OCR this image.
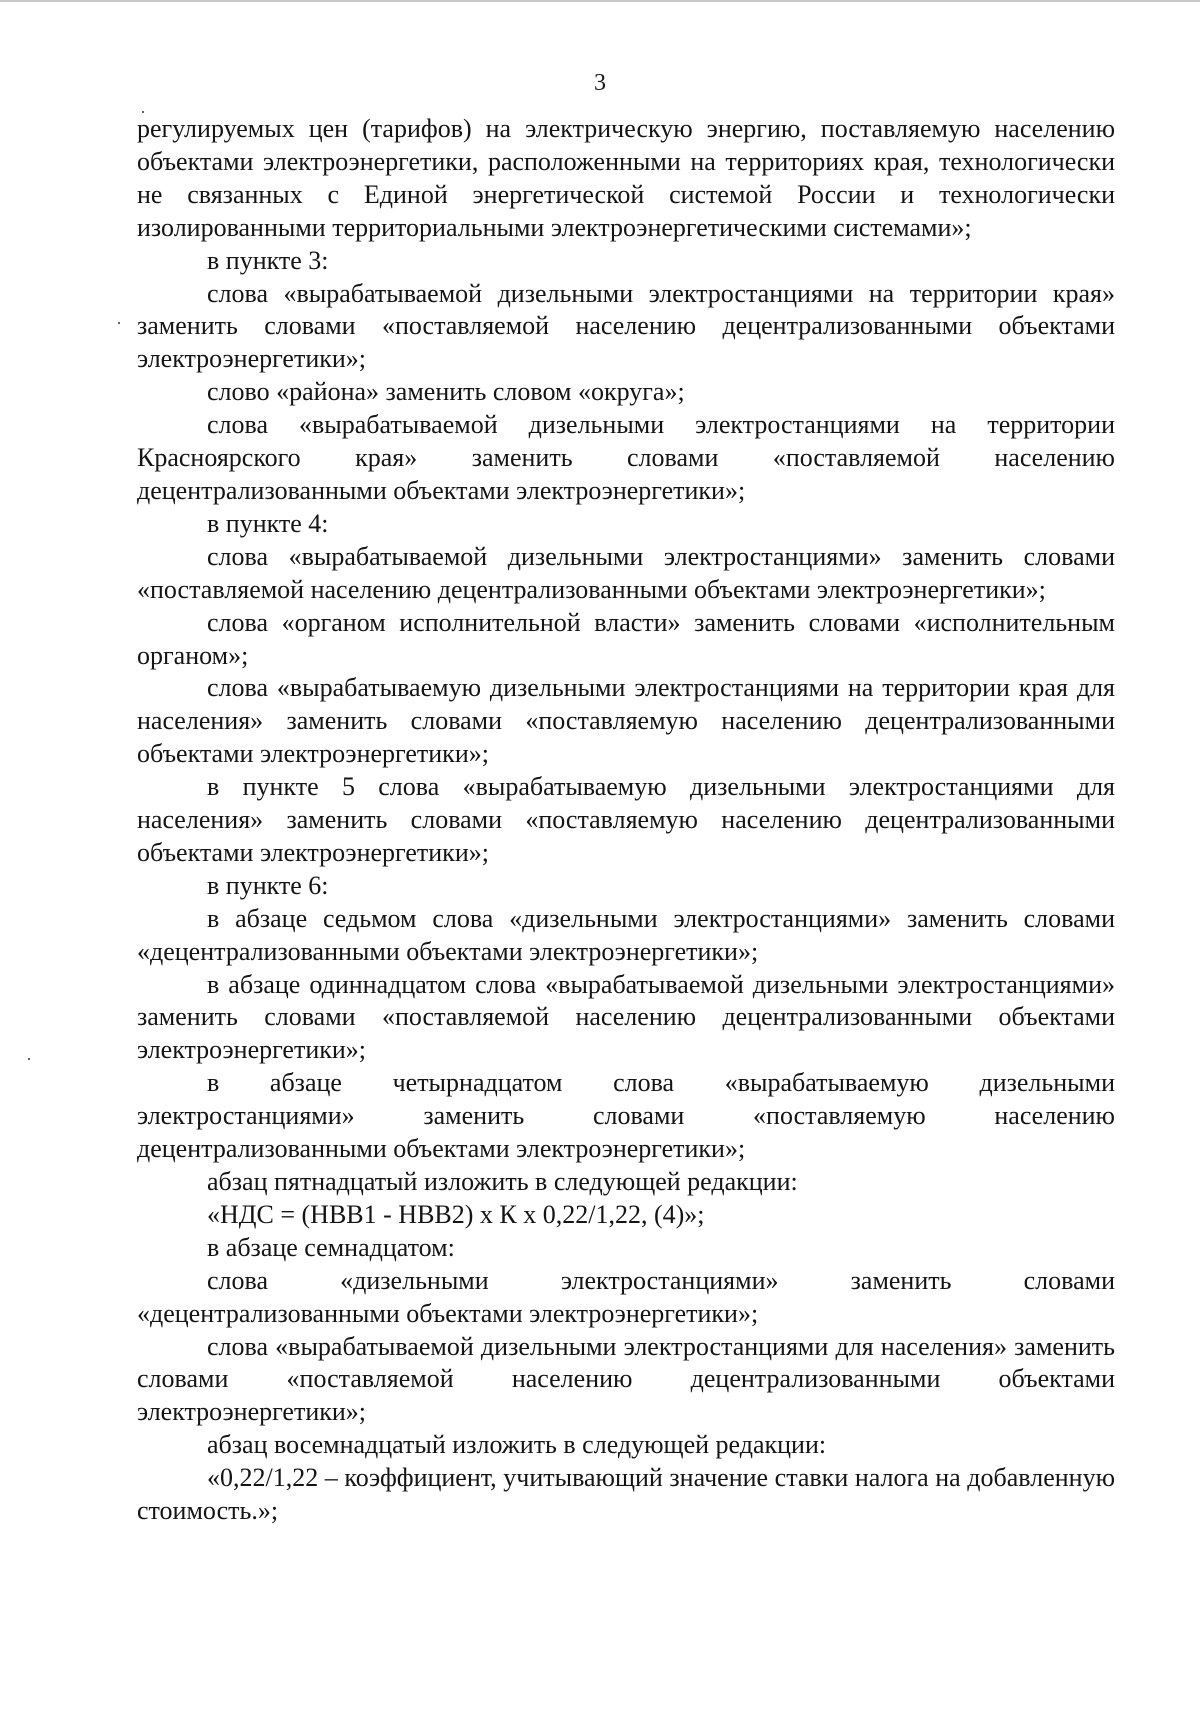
3

регулируемых цен (тарифов) на электрическую энергию, поставляемую населению объектами электроэнергетики, расположенными на территориях края, технологически не связанных с Единой энергетической системой России и технологически изолированными территориальными электроэнергетическими системами»;

в пункте 3:

слова «вырабатываемой дизельными электростанциями на территории края» заменить словами «поставляемой населению децентрализованными объектами электроэнергетики»;

слово «района» заменить словом «округа»;

слова «вырабатываемой дизельными электростанциями на территории Красноярского края» заменить словами «поставляемой населению децентрализованными объектами электроэнергетики»;

в пункте 4:

слова «вырабатываемой дизельными электростанциями» заменить словами «поставляемой населению децентрализованными объектами электроэнергетики»;

слова «органом исполнительной власти» заменить словами «исполнительным органом»;

слова «вырабатываемую дизельными электростанциями на территории края для населения» заменить словами «поставляемую населению децентрализованными объектами электроэнергетики»;

в пункте 5 слова «вырабатываемую дизельными электростанциями для населения» заменить словами «поставляемую населению децентрализованными объектами электроэнергетики»;

в пункте 6:

в абзаце седьмом слова «дизельными электростанциями» заменить словами «децентрализованными объектами электроэнергетики»;

в абзаце одиннадцатом слова «вырабатываемой дизельными электростанциями» заменить словами «поставляемой населению децентрализованными объектами электроэнергетики»;

в абзаце четырнадцатом слова «вырабатываемую дизельными электростанциями» заменить словами «поставляемую населению децентрализованными объектами электроэнергетики»;

абзац пятнадцатый изложить в следующей редакции:

«НДС = (НВВ1 - НВВ2) х К х 0,22/1,22, (4)»;

в абзаце семнадцатом:

слова «дизельными электростанциями» заменить словами «децентрализованными объектами электроэнергетики»;

слова «вырабатываемой дизельными электростанциями для населения» заменить словами «поставляемой населению децентрализованными объектами электроэнергетики»;

абзац восемнадцатый изложить в следующей редакции:

«0,22/1,22 – коэффициент, учитывающий значение ставки налога на добавленную стоимость.»;
